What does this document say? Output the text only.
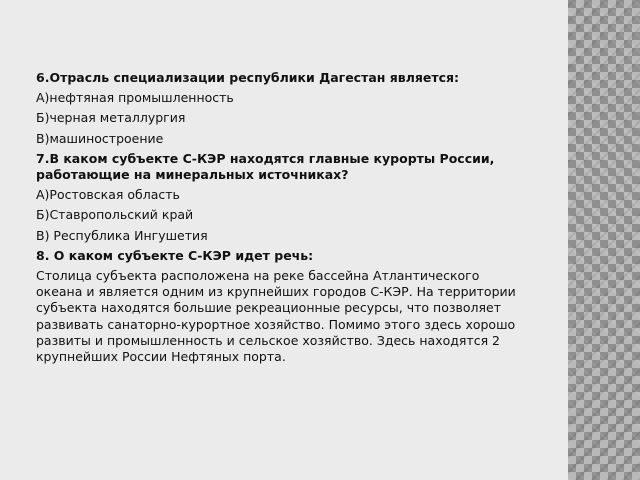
6.Отрасль специализации республики Дагестан является:

А)нефтяная промышленность

Б)черная металлургия

В)машиностроение

7.В каком субъекте С-КЭР находятся главные курорты России, работающие на минеральных источниках?

А)Ростовская область

Б)Ставропольский край

В) Республика Ингушетия

8. О каком субъекте С-КЭР идет речь:

Столица субъекта расположена на реке бассейна Атлантического океана и является одним из крупнейших городов С-КЭР. На территории субъекта находятся большие рекреационные ресурсы, что позволяет развивать санаторно-курортное хозяйство. Помимо этого здесь хорошо развиты и промышленность и сельское хозяйство. Здесь находятся 2 крупнейших России Нефтяных порта.
